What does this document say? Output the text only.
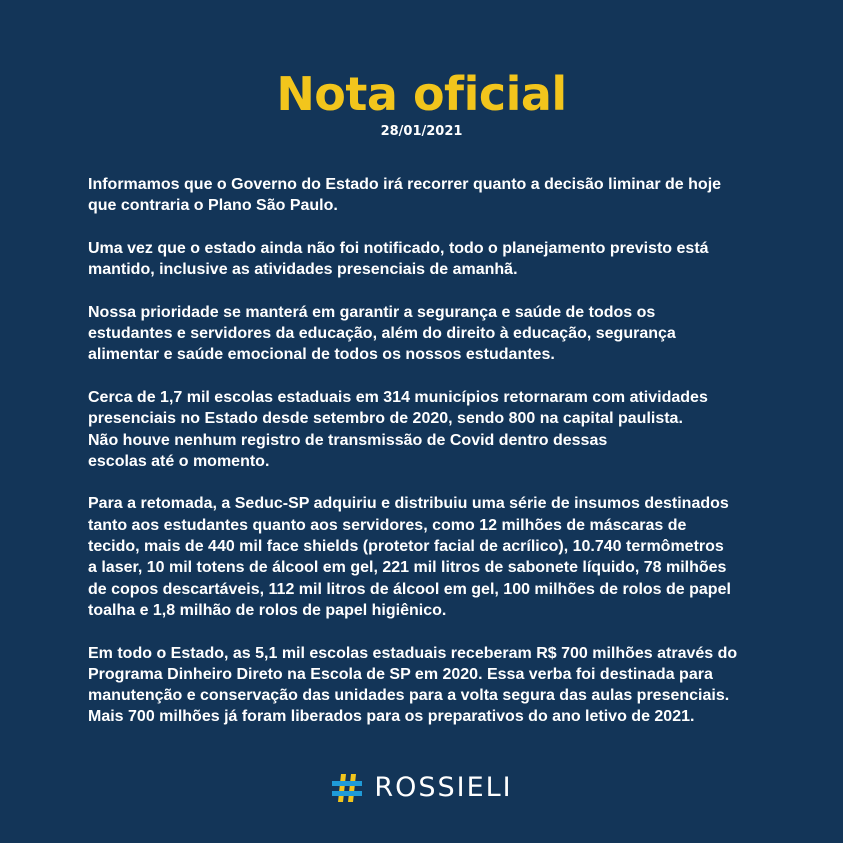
Nota oficial
28/01/2021

Informamos que o Governo do Estado irá recorrer quanto a decisão liminar de hoje
que contraria o Plano São Paulo.

Uma vez que o estado ainda não foi notificado, todo o planejamento previsto está
mantido, inclusive as atividades presenciais de amanhã.

Nossa prioridade se manterá em garantir a segurança e saúde de todos os
estudantes e servidores da educação, além do direito à educação, segurança
alimentar e saúde emocional de todos os nossos estudantes.

Cerca de 1,7 mil escolas estaduais em 314 municípios retornaram com atividades
presenciais no Estado desde setembro de 2020, sendo 800 na capital paulista.
Não houve nenhum registro de transmissão de Covid dentro dessas
escolas até o momento.

Para a retomada, a Seduc-SP adquiriu e distribuiu uma série de insumos destinados
tanto aos estudantes quanto aos servidores, como 12 milhões de máscaras de
tecido, mais de 440 mil face shields (protetor facial de acrílico), 10.740 termômetros
a laser, 10 mil totens de álcool em gel, 221 mil litros de sabonete líquido, 78 milhões
de copos descartáveis, 112 mil litros de álcool em gel, 100 milhões de rolos de papel
toalha e 1,8 milhão de rolos de papel higiênico.

Em todo o Estado, as 5,1 mil escolas estaduais receberam R$ 700 milhões através do
Programa Dinheiro Direto na Escola de SP em 2020. Essa verba foi destinada para
manutenção e conservação das unidades para a volta segura das aulas presenciais.
Mais 700 milhões já foram liberados para os preparativos do ano letivo de 2021.

ROSSIELI
